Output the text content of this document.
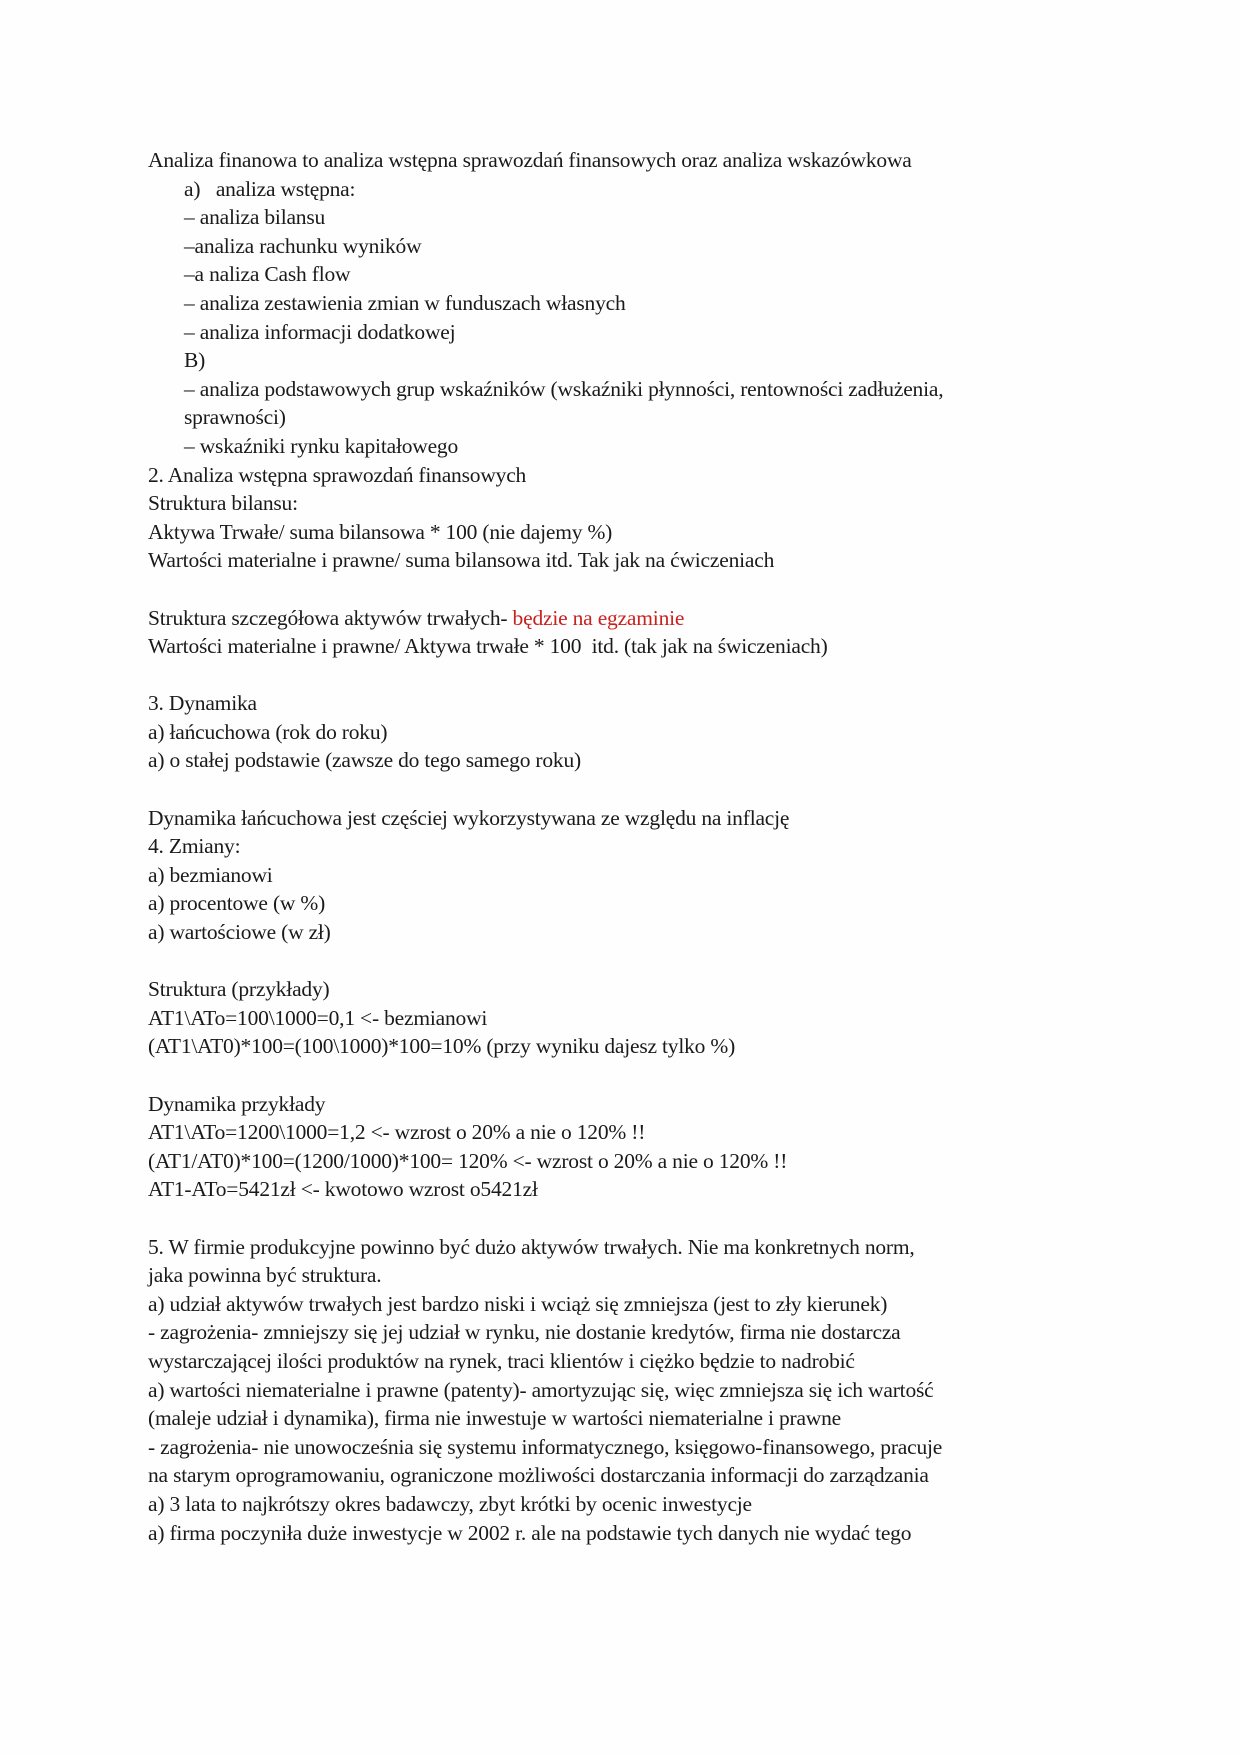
Analiza finanowa to analiza wstępna sprawozdań finansowych oraz analiza wskazówkowa
a)   analiza wstępna:
– analiza bilansu
–analiza rachunku wyników
–a naliza Cash flow
– analiza zestawienia zmian w funduszach własnych
– analiza informacji dodatkowej
B)
– analiza podstawowych grup wskaźników (wskaźniki płynności, rentowności zadłużenia,
sprawności)
– wskaźniki rynku kapitałowego
2. Analiza wstępna sprawozdań finansowych
Struktura bilansu:
Aktywa Trwałe/ suma bilansowa * 100 (nie dajemy %)
Wartości materialne i prawne/ suma bilansowa itd. Tak jak na ćwiczeniach
Struktura szczegółowa aktywów trwałych- będzie na egzaminie
Wartości materialne i prawne/ Aktywa trwałe * 100  itd. (tak jak na świczeniach)
3. Dynamika
a) łańcuchowa (rok do roku)
a) o stałej podstawie (zawsze do tego samego roku)
Dynamika łańcuchowa jest częściej wykorzystywana ze względu na inflację
4. Zmiany:
a) bezmianowi
a) procentowe (w %)
a) wartościowe (w zł)
Struktura (przykłady)
AT1\ATo=100\1000=0,1 <- bezmianowi
(AT1\AT0)*100=(100\1000)*100=10% (przy wyniku dajesz tylko %)
Dynamika przykłady
AT1\ATo=1200\1000=1,2 <- wzrost o 20% a nie o 120% !!
(AT1/AT0)*100=(1200/1000)*100= 120% <- wzrost o 20% a nie o 120% !!
AT1-ATo=5421zł <- kwotowo wzrost o5421zł
5. W firmie produkcyjne powinno być dużo aktywów trwałych. Nie ma konkretnych norm,
jaka powinna być struktura.
a) udział aktywów trwałych jest bardzo niski i wciąż się zmniejsza (jest to zły kierunek)
- zagrożenia- zmniejszy się jej udział w rynku, nie dostanie kredytów, firma nie dostarcza
wystarczającej ilości produktów na rynek, traci klientów i ciężko będzie to nadrobić
a) wartości niematerialne i prawne (patenty)- amortyzując się, więc zmniejsza się ich wartość
(maleje udział i dynamika), firma nie inwestuje w wartości niematerialne i prawne
- zagrożenia- nie unowocześnia się systemu informatycznego, księgowo-finansowego, pracuje
na starym oprogramowaniu, ograniczone możliwości dostarczania informacji do zarządzania
a) 3 lata to najkrótszy okres badawczy, zbyt krótki by ocenic inwestycje
a) firma poczyniła duże inwestycje w 2002 r. ale na podstawie tych danych nie wydać tego
